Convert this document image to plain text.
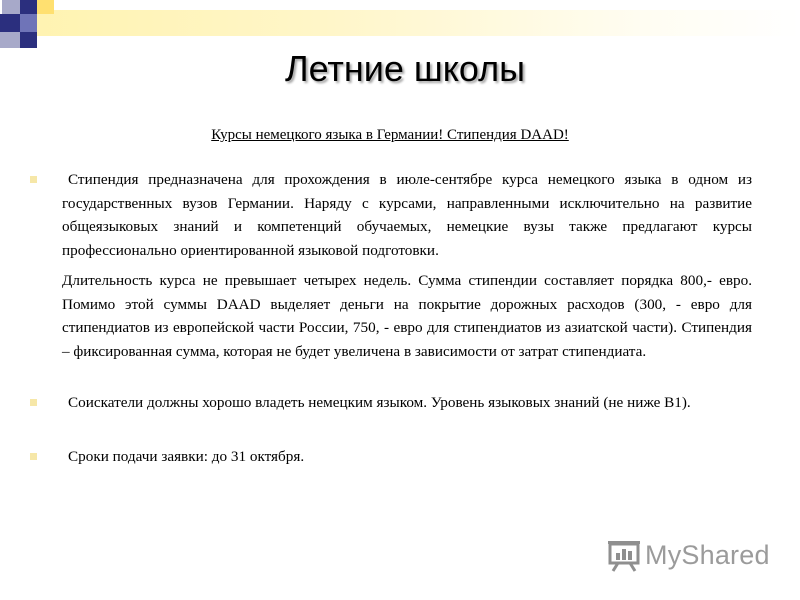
Летние школы
Курсы немецкого языка в Германии! Стипендия DAAD!

Стипендия предназначена для прохождения в июле-сентябре курса немецкого языка в одном из государственных вузов Германии. Наряду с курсами, направленными исключительно на развитие общеязыковых знаний и компетенций обучаемых, немецкие вузы также предлагают курсы профессионально ориентированной языковой подготовки.

Длительность курса не превышает четырех недель. Сумма стипендии составляет порядка 800,- евро. Помимо этой суммы DAAD выделяет деньги на покрытие дорожных расходов (300, - евро для стипендиатов из европейской части России, 750, - евро для стипендиатов из азиатской части). Стипендия – фиксированная сумма, которая не будет увеличена в зависимости от затрат стипендиата.

Соискатели должны хорошо владеть немецким языком. Уровень языковых знаний (не ниже В1).

Сроки подачи заявки: до 31 октября.

MyShared
